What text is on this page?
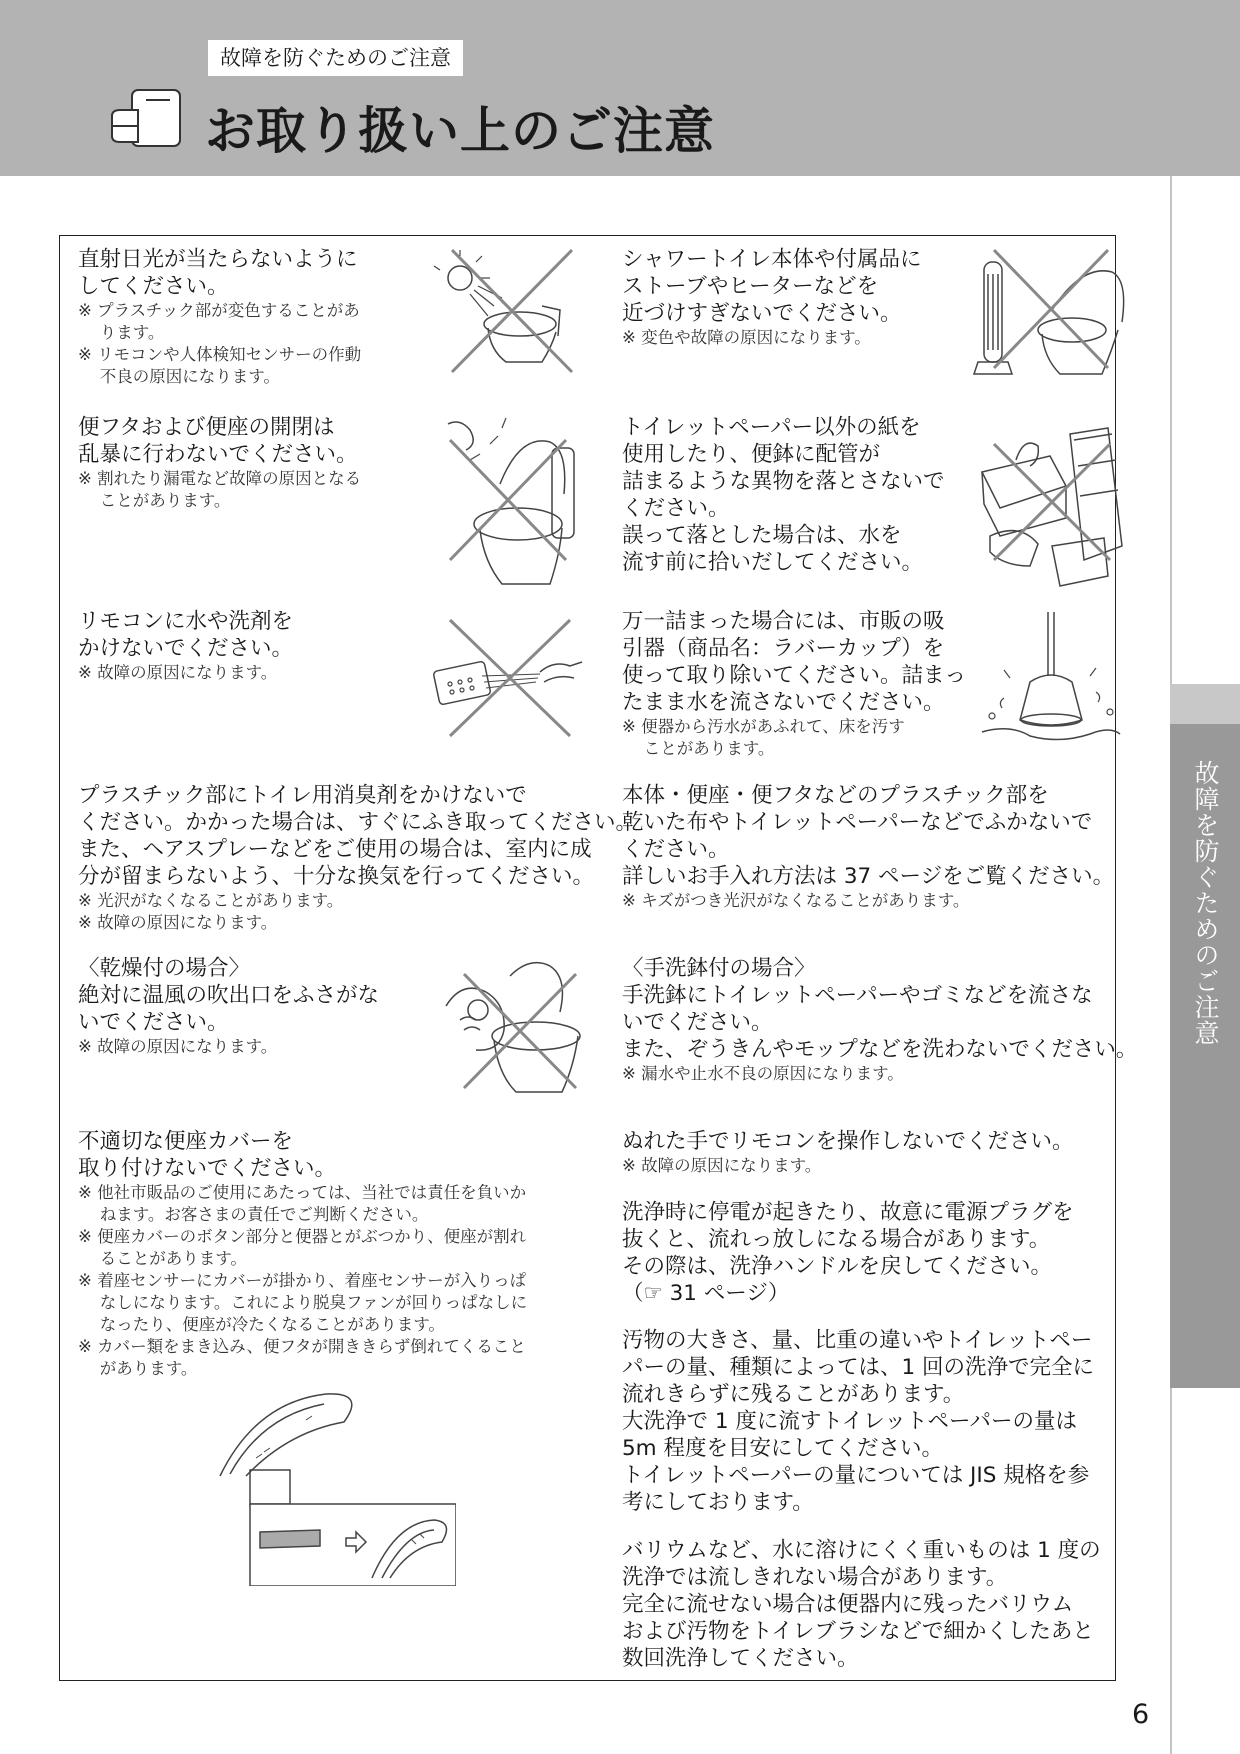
故障を防ぐためのご注意
お取り扱い上のご注意
故障を防ぐためのご注意

直射日光が当たらないように

してください。

※ プラスチック部が変色することがあ

　 ります。

※ リモコンや人体検知センサーの作動

　 不良の原因になります。

便フタおよび便座の開閉は

乱暴に行わないでください。

※ 割れたり漏電など故障の原因となる

　 ことがあります。

リモコンに水や洗剤を

かけないでください。

※ 故障の原因になります。

プラスチック部にトイレ用消臭剤をかけないで

ください。かかった場合は、すぐにふき取ってください。

また、ヘアスプレーなどをご使用の場合は、室内に成

分が留まらないよう、十分な換気を行ってください。

※ 光沢がなくなることがあります。

※ 故障の原因になります。

〈乾燥付の場合〉

絶対に温風の吹出口をふさがな

いでください。

※ 故障の原因になります。

不適切な便座カバーを

取り付けないでください。

※ 他社市販品のご使用にあたっては、当社では責任を負いか

　 ねます。お客さまの責任でご判断ください。

※ 便座カバーのボタン部分と便器とがぶつかり、便座が割れ

　 ることがあります。

※ 着座センサーにカバーが掛かり、着座センサーが入りっぱ

　 なしになります。これにより脱臭ファンが回りっぱなしに

　 なったり、便座が冷たくなることがあります。

※ カバー類をまき込み、便フタが開ききらず倒れてくること

　 があります。

シャワートイレ本体や付属品に

ストーブやヒーターなどを

近づけすぎないでください。

※ 変色や故障の原因になります。

トイレットペーパー以外の紙を

使用したり、便鉢に配管が

詰まるような異物を落とさないで

ください。

誤って落とした場合は、水を

流す前に拾いだしてください。

万一詰まった場合には、市販の吸

引器（商品名：ラバーカップ）を

使って取り除いてください。詰まっ

たまま水を流さないでください。

※ 便器から汚水があふれて、床を汚す

　 ことがあります。

本体・便座・便フタなどのプラスチック部を

乾いた布やトイレットペーパーなどでふかないで

ください。

詳しいお手入れ方法は 37 ページをご覧ください。

※ キズがつき光沢がなくなることがあります。

〈手洗鉢付の場合〉

手洗鉢にトイレットペーパーやゴミなどを流さな

いでください。

また、ぞうきんやモップなどを洗わないでください。

※ 漏水や止水不良の原因になります。

ぬれた手でリモコンを操作しないでください。

※ 故障の原因になります。

洗浄時に停電が起きたり、故意に電源プラグを

抜くと、流れっ放しになる場合があります。

その際は、洗浄ハンドルを戻してください。

（☞ 31 ページ）

汚物の大きさ、量、比重の違いやトイレットペー

パーの量、種類によっては、1 回の洗浄で完全に

流れきらずに残ることがあります。

大洗浄で 1 度に流すトイレットペーパーの量は

5m 程度を目安にしてください。

トイレットペーパーの量については JIS 規格を参

考にしております。

バリウムなど、水に溶けにくく重いものは 1 度の

洗浄では流しきれない場合があります。

完全に流せない場合は便器内に残ったバリウム

および汚物をトイレブラシなどで細かくしたあと

数回洗浄してください。

6
